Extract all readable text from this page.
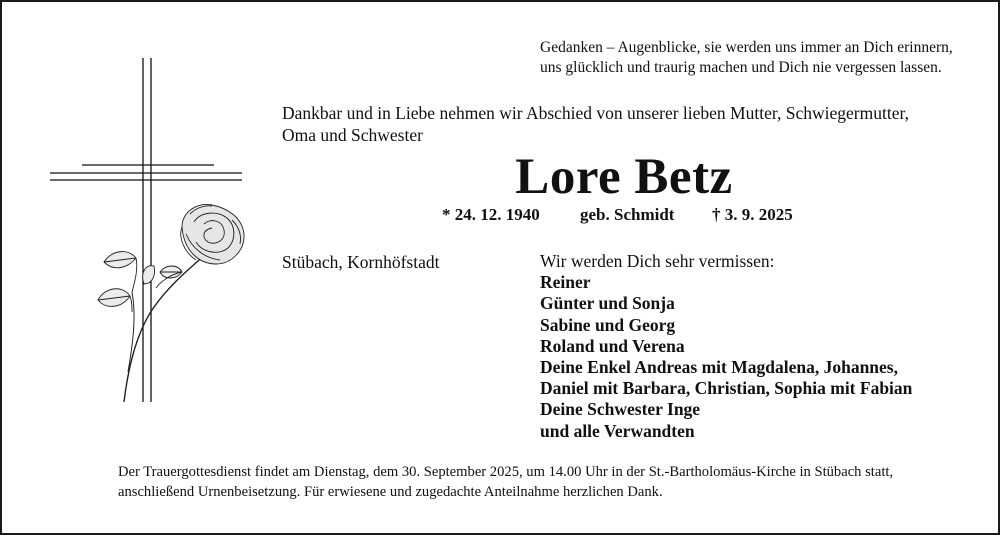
Gedanken – Augenblicke, sie werden uns immer an Dich erinnern,
uns glücklich und traurig machen und Dich nie vergessen lassen.
Dankbar und in Liebe nehmen wir Abschied von unserer lieben Mutter, Schwiegermutter,
Oma und Schwester
Lore Betz
* 24. 12. 1940 geb. Schmidt † 3. 9. 2025
Stübach, Kornhöfstadt	Wir werden Dich sehr vermissen:
Reiner
Günter und Sonja
Sabine und Georg
Roland und Verena
Deine Enkel Andreas mit Magdalena, Johannes,
Daniel mit Barbara, Christian, Sophia mit Fabian
Deine Schwester Inge
und alle Verwandten
Der Trauergottesdienst findet am Dienstag, dem 30. September 2025, um 14.00 Uhr in der St.-Bartholomäus-Kirche in Stübach statt,
anschließend Urnenbeisetzung. Für erwiesene und zugedachte Anteilnahme herzlichen Dank.
